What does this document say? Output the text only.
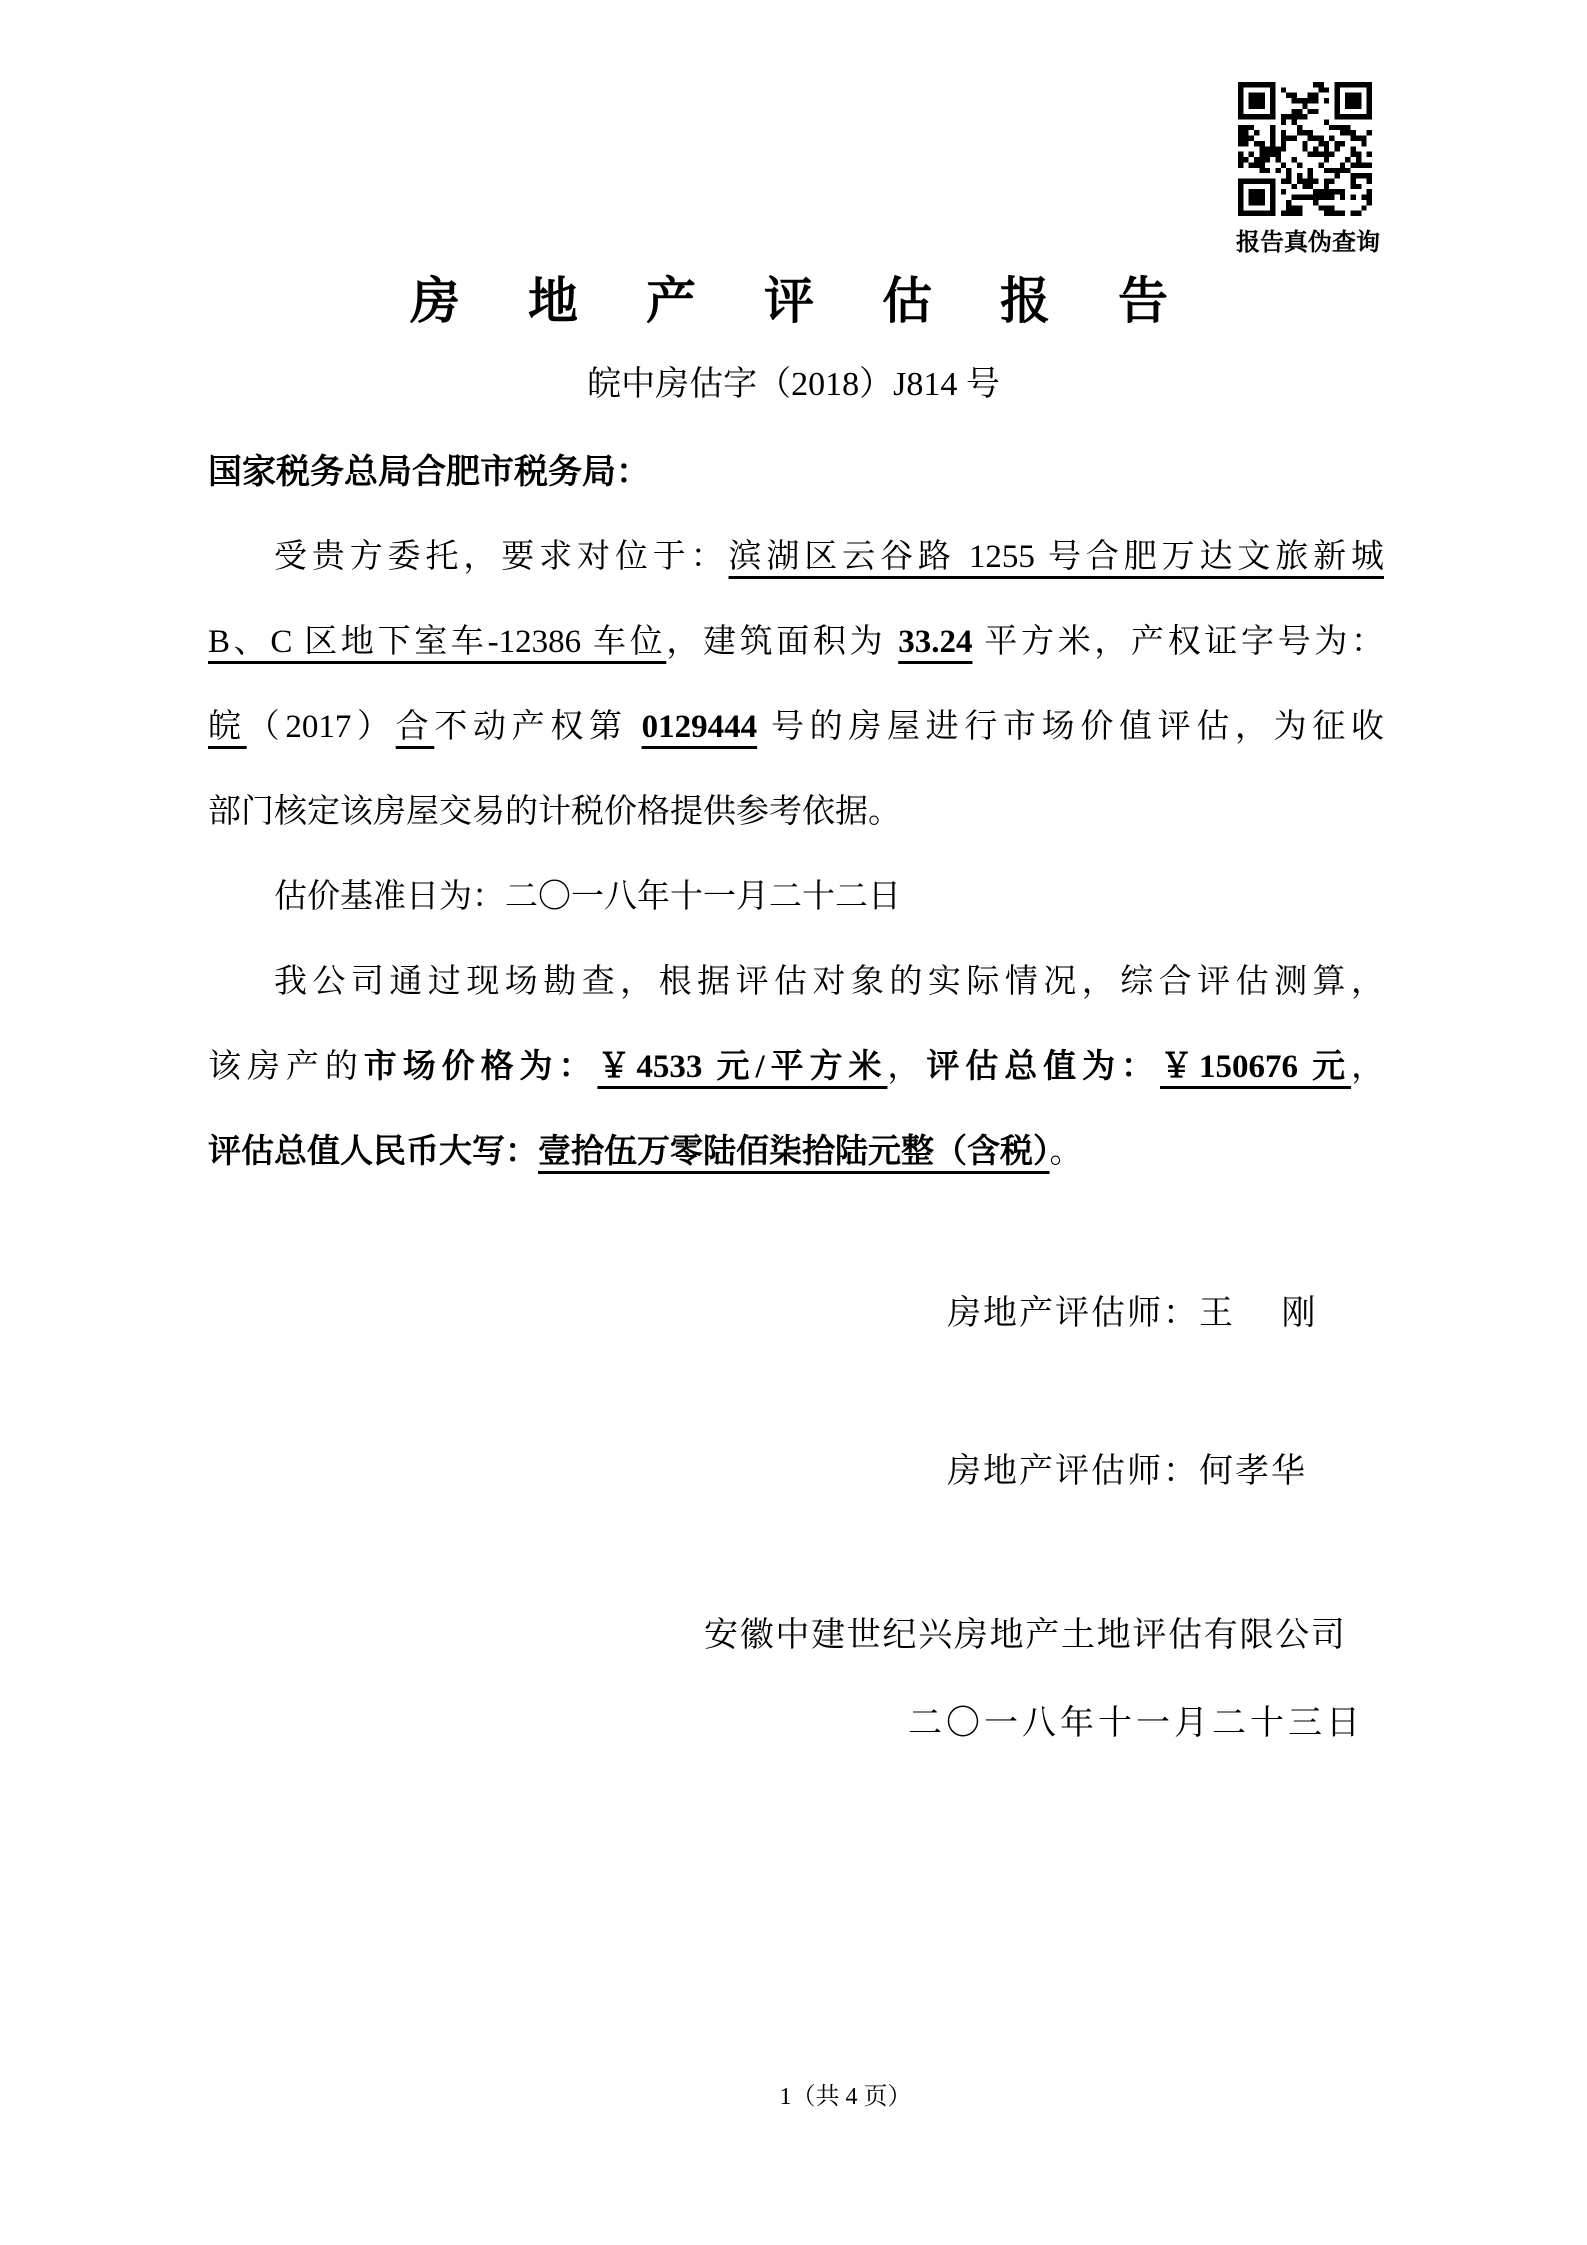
报告真伪查询
房　地　产　评　估　报　告
皖中房估字（2018）J814 号
国家税务总局合肥市税务局：
受贵方委托，要求对位于：滨湖区云谷路 1255 号合肥万达文旅新城
B、C 区地下室车-12386 车位，建筑面积为 33.24 平方米，产权证字号为：
皖（2017）合不动产权第 0129444 号的房屋进行市场价值评估，为征收
部门核定该房屋交易的计税价格提供参考依据。
估价基准日为：二〇一八年十一月二十二日
我公司通过现场勘查，根据评估对象的实际情况，综合评估测算，
该房产的市场价格为：￥4533 元/平方米，评估总值为：￥150676 元，
评估总值人民币大写：壹拾伍万零陆佰柒拾陆元整（含税）。
房地产评估师：王　 刚
房地产评估师：何孝华
安徽中建世纪兴房地产土地评估有限公司
二〇一八年十一月二十三日
1（共 4 页）
